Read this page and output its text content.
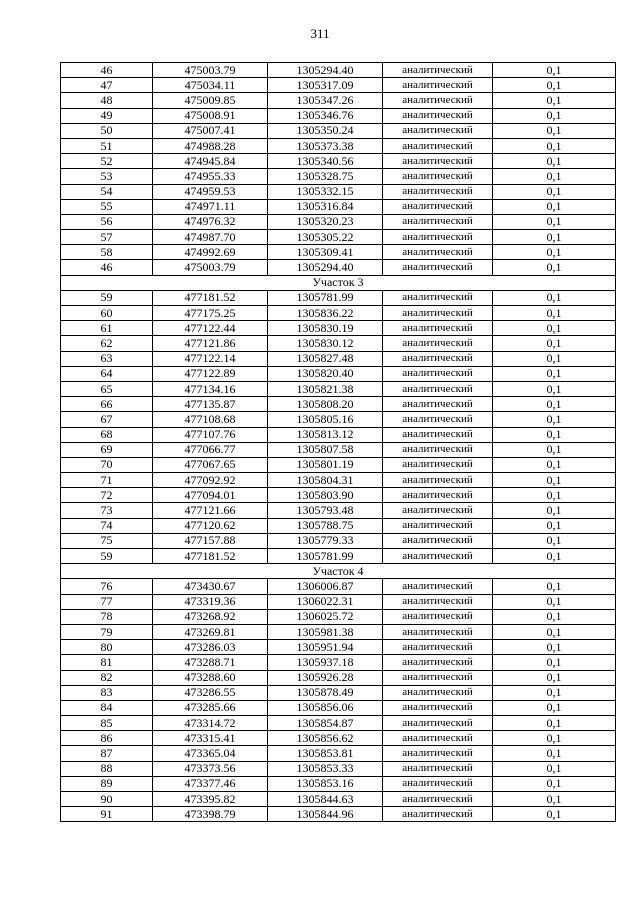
311
46	475003.79	1305294.40	аналитический	0,1
47	475034.11	1305317.09	аналитический	0,1
48	475009.85	1305347.26	аналитический	0,1
49	475008.91	1305346.76	аналитический	0,1
50	475007.41	1305350.24	аналитический	0,1
51	474988.28	1305373.38	аналитический	0,1
52	474945.84	1305340.56	аналитический	0,1
53	474955.33	1305328.75	аналитический	0,1
54	474959.53	1305332.15	аналитический	0,1
55	474971.11	1305316.84	аналитический	0,1
56	474976.32	1305320.23	аналитический	0,1
57	474987.70	1305305.22	аналитический	0,1
58	474992.69	1305309.41	аналитический	0,1
46	475003.79	1305294.40	аналитический	0,1
Участок 3				
59	477181.52	1305781.99	аналитический	0,1
60	477175.25	1305836.22	аналитический	0,1
61	477122.44	1305830.19	аналитический	0,1
62	477121.86	1305830.12	аналитический	0,1
63	477122.14	1305827.48	аналитический	0,1
64	477122.89	1305820.40	аналитический	0,1
65	477134.16	1305821.38	аналитический	0,1
66	477135.87	1305808.20	аналитический	0,1
67	477108.68	1305805.16	аналитический	0,1
68	477107.76	1305813.12	аналитический	0,1
69	477066.77	1305807.58	аналитический	0,1
70	477067.65	1305801.19	аналитический	0,1
71	477092.92	1305804.31	аналитический	0,1
72	477094.01	1305803.90	аналитический	0,1
73	477121.66	1305793.48	аналитический	0,1
74	477120.62	1305788.75	аналитический	0,1
75	477157.88	1305779.33	аналитический	0,1
59	477181.52	1305781.99	аналитический	0,1
Участок 4				
76	473430.67	1306006.87	аналитический	0,1
77	473319.36	1306022.31	аналитический	0,1
78	473268.92	1306025.72	аналитический	0,1
79	473269.81	1305981.38	аналитический	0,1
80	473286.03	1305951.94	аналитический	0,1
81	473288.71	1305937.18	аналитический	0,1
82	473288.60	1305926.28	аналитический	0,1
83	473286.55	1305878.49	аналитический	0,1
84	473285.66	1305856.06	аналитический	0,1
85	473314.72	1305854.87	аналитический	0,1
86	473315.41	1305856.62	аналитический	0,1
87	473365.04	1305853.81	аналитический	0,1
88	473373.56	1305853.33	аналитический	0,1
89	473377.46	1305853.16	аналитический	0,1
90	473395.82	1305844.63	аналитический	0,1
91	473398.79	1305844.96	аналитический	0,1
